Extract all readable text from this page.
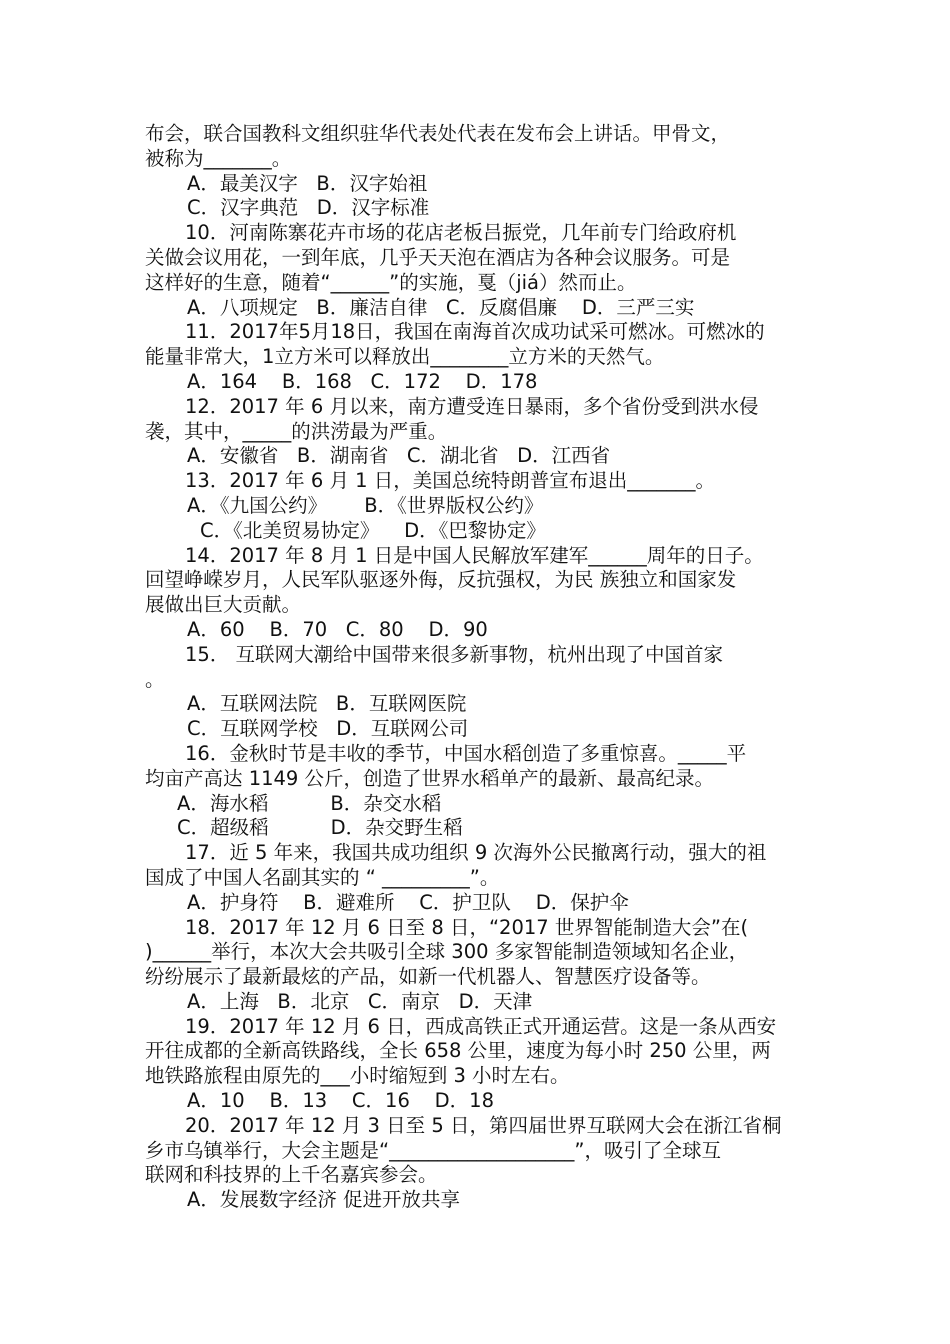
布会，联合国教科文组织驻华代表处代表在发布会上讲话。甲骨文，
被称为_______。
A．最美汉字   B．汉字始祖
C．汉字典范   D．汉字标准
10．河南陈寨花卉市场的花店老板吕振党，几年前专门给政府机
关做会议用花，一到年底，几乎天天泡在酒店为各种会议服务。可是
这样好的生意，随着“______”的实施，戛（jiá）然而止。
A．八项规定   B．廉洁自律   C．反腐倡廉    D．三严三实
11．2017年5月18日，我国在南海首次成功试采可燃冰。可燃冰的
能量非常大，1立方米可以释放出________立方米的天然气。
A．164    B．168   C．172    D．178
12．2017 年 6 月以来，南方遭受连日暴雨，多个省份受到洪水侵
袭，其中，_____的洪涝最为严重。
A．安徽省   B．湖南省   C．湖北省   D．江西省
13．2017 年 6 月 1 日，美国总统特朗普宣布退出_______。
A．《九国公约》      B．《世界版权公约》
C．《北美贸易协定》    D．《巴黎协定》
14．2017 年 8 月 1 日是中国人民解放军建军______周年的日子。
回望峥嵘岁月，人民军队驱逐外侮，反抗强权，为民 族独立和国家发
展做出巨大贡献。
A．60    B．70   C．80    D．90
15． 互联网大潮给中国带来很多新事物，杭州出现了中国首家
。
A．互联网法院   B．互联网医院
C．互联网学校   D．互联网公司
16．金秋时节是丰收的季节，中国水稻创造了多重惊喜。_____平
均亩产高达 1149 公斤，创造了世界水稻单产的最新、最高纪录。
A．海水稻          B．杂交水稻
C．超级稻          D．杂交野生稻
17．近 5 年来，我国共成功组织 9 次海外公民撤离行动，强大的祖
国成了中国人名副其实的 “ _________”。
A．护身符    B．避难所    C．护卫队    D．保护伞
18．2017 年 12 月 6 日至 8 日，“2017 世界智能制造大会”在(
)______举行，本次大会共吸引全球 300 多家智能制造领域知名企业，
纷纷展示了最新最炫的产品，如新一代机器人、智慧医疗设备等。
A．上海   B．北京   C．南京   D．天津
19．2017 年 12 月 6 日，西成高铁正式开通运营。这是一条从西安
开往成都的全新高铁路线，全长 658 公里，速度为每小时 250 公里，两
地铁路旅程由原先的___小时缩短到 3 小时左右。
A．10    B．13    C．16    D．18
20．2017 年 12 月 3 日至 5 日，第四届世界互联网大会在浙江省桐
乡市乌镇举行，大会主题是“___________________”，吸引了全球互
联网和科技界的上千名嘉宾参会。
A．发展数字经济 促进开放共享
